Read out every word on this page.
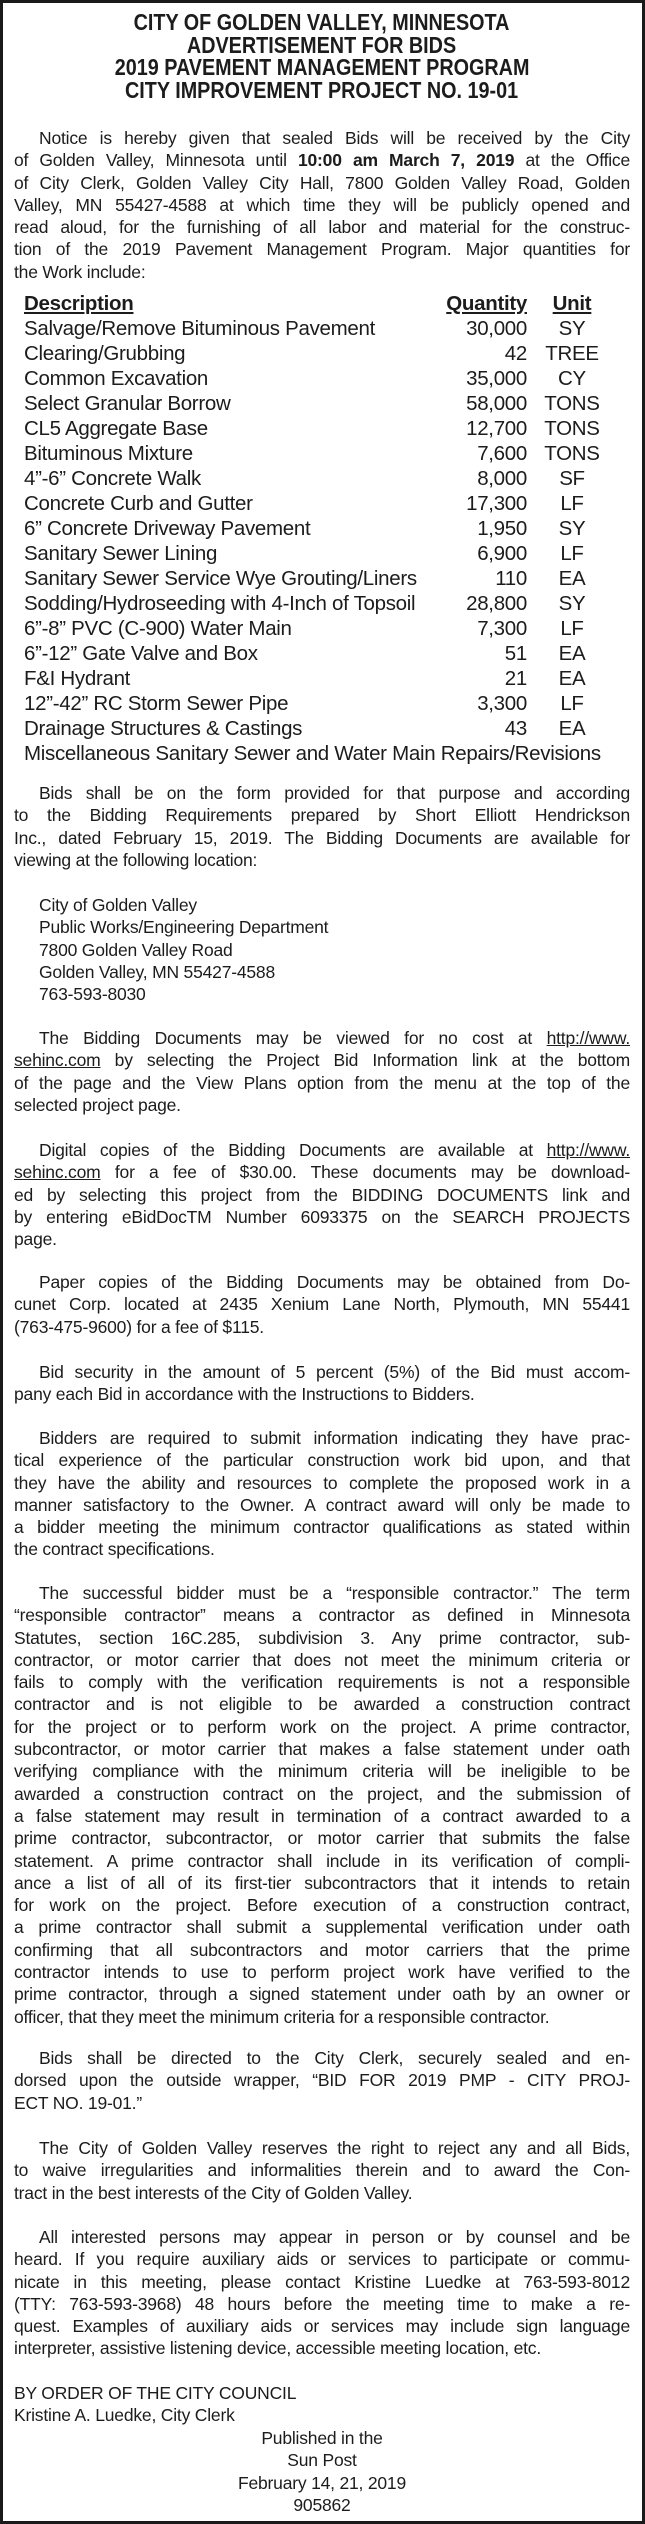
CITY OF GOLDEN VALLEY, MINNESOTA
ADVERTISEMENT FOR BIDS
2019 PAVEMENT MANAGEMENT PROGRAM
CITY IMPROVEMENT PROJECT NO. 19-01
Notice is hereby given that sealed Bids will be received by the City
of Golden Valley, Minnesota until 10:00 am March 7, 2019 at the Office
of City Clerk, Golden Valley City Hall, 7800 Golden Valley Road, Golden
Valley, MN 55427-4588 at which time they will be publicly opened and
read aloud, for the furnishing of all labor and material for the construc-
tion of the 2019 Pavement Management Program. Major quantities for
the Work include:
Description	Quantity	Unit
Salvage/Remove Bituminous Pavement	30,000	SY
Clearing/Grubbing	42 TREE
Common Excavation	35,000	CY
Select Granular Borrow	58,000 TONS
CL5 Aggregate Base	12,700 TONS
Bituminous Mixture	7,600 TONS
4”-6” Concrete Walk	8,000	SF
Concrete Curb and Gutter	17,300	LF
6” Concrete Driveway Pavement	1,950	SY
Sanitary Sewer Lining	6,900	LF
Sanitary Sewer Service Wye Grouting/Liners	110	EA
Sodding/Hydroseeding with 4-Inch of Topsoil	28,800	SY
6”-8” PVC (C-900) Water Main	7,300	LF
6”-12” Gate Valve and Box	51	EA
F&I Hydrant	21	EA
12”-42” RC Storm Sewer Pipe	3,300	LF
Drainage Structures & Castings	43	EA
Miscellaneous Sanitary Sewer and Water Main Repairs/Revisions
Bids shall be on the form provided for that purpose and according
to the Bidding Requirements prepared by Short Elliott Hendrickson
Inc., dated February 15, 2019. The Bidding Documents are available for
viewing at the following location:
City of Golden Valley
Public Works/Engineering Department
7800 Golden Valley Road
Golden Valley, MN 55427-4588
763-593-8030
The Bidding Documents may be viewed for no cost at http://www.
sehinc.com by selecting the Project Bid Information link at the bottom
of the page and the View Plans option from the menu at the top of the
selected project page.
Digital copies of the Bidding Documents are available at http://www.
sehinc.com for a fee of $30.00. These documents may be download-
ed by selecting this project from the BIDDING DOCUMENTS link and
by entering eBidDocTM Number 6093375 on the SEARCH PROJECTS
page.
Paper copies of the Bidding Documents may be obtained from Do-
cunet Corp. located at 2435 Xenium Lane North, Plymouth, MN 55441
(763-475-9600) for a fee of $115.
Bid security in the amount of 5 percent (5%) of the Bid must accom-
pany each Bid in accordance with the Instructions to Bidders.
Bidders are required to submit information indicating they have prac-
tical experience of the particular construction work bid upon, and that
they have the ability and resources to complete the proposed work in a
manner satisfactory to the Owner. A contract award will only be made to
a bidder meeting the minimum contractor qualifications as stated within
the contract specifications.
The successful bidder must be a “responsible contractor.” The term
“responsible contractor” means a contractor as defined in Minnesota
Statutes, section 16C.285, subdivision 3. Any prime contractor, sub-
contractor, or motor carrier that does not meet the minimum criteria or
fails to comply with the verification requirements is not a responsible
contractor and is not eligible to be awarded a construction contract
for the project or to perform work on the project. A prime contractor,
subcontractor, or motor carrier that makes a false statement under oath
verifying compliance with the minimum criteria will be ineligible to be
awarded a construction contract on the project, and the submission of
a false statement may result in termination of a contract awarded to a
prime contractor, subcontractor, or motor carrier that submits the false
statement. A prime contractor shall include in its verification of compli-
ance a list of all of its first-tier subcontractors that it intends to retain
for work on the project. Before execution of a construction contract,
a prime contractor shall submit a supplemental verification under oath
confirming that all subcontractors and motor carriers that the prime
contractor intends to use to perform project work have verified to the
prime contractor, through a signed statement under oath by an owner or
officer, that they meet the minimum criteria for a responsible contractor.
Bids shall be directed to the City Clerk, securely sealed and en-
dorsed upon the outside wrapper, “BID FOR 2019 PMP - CITY PROJ-
ECT NO. 19-01.”
The City of Golden Valley reserves the right to reject any and all Bids,
to waive irregularities and informalities therein and to award the Con-
tract in the best interests of the City of Golden Valley.
All interested persons may appear in person or by counsel and be
heard. If you require auxiliary aids or services to participate or commu-
nicate in this meeting, please contact Kristine Luedke at 763-593-8012
(TTY: 763-593-3968) 48 hours before the meeting time to make a re-
quest. Examples of auxiliary aids or services may include sign language
interpreter, assistive listening device, accessible meeting location, etc.
BY ORDER OF THE CITY COUNCIL
Kristine A. Luedke, City Clerk
Published in the
Sun Post
February 14, 21, 2019
905862
